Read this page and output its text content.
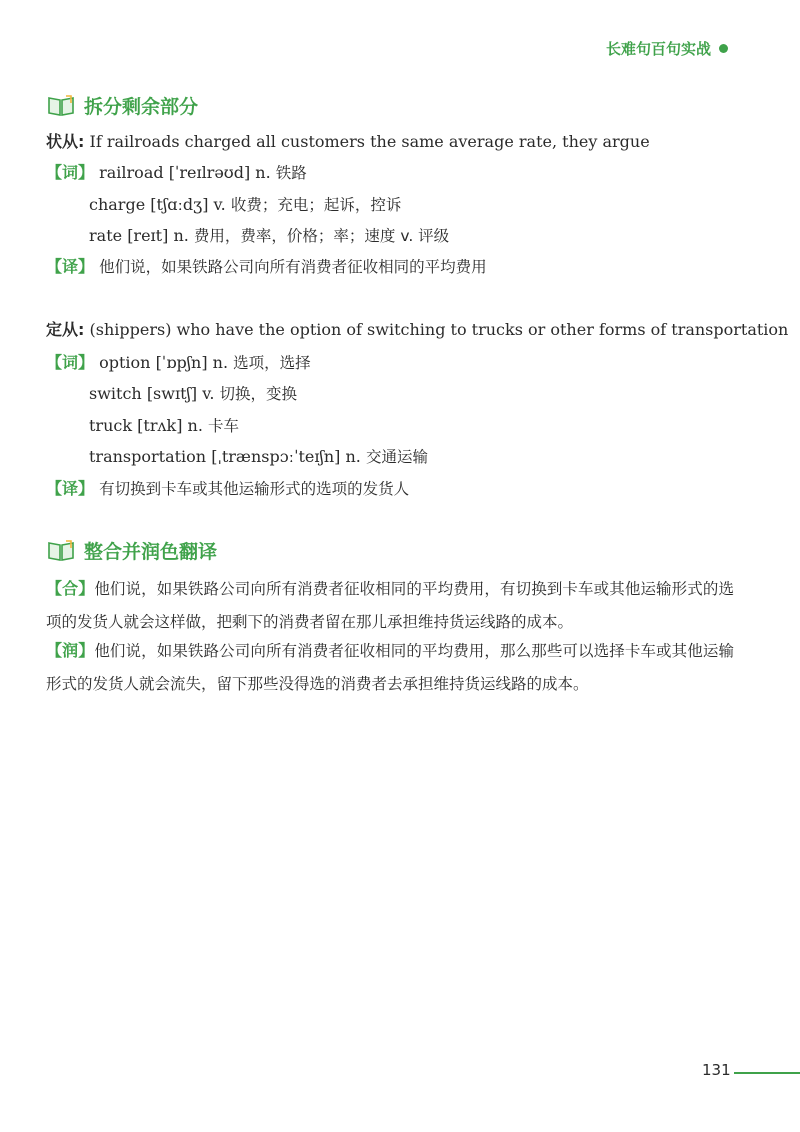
长难句百句实战
拆分剩余部分
状从: If railroads charged all customers the same average rate, they argue
【词】 railroad [ˈreɪlrəʊd] n. 铁路
charge [tʃɑːdʒ] v. 收费；充电；起诉，控诉
rate [reɪt] n. 费用，费率，价格；率；速度 v. 评级
【译】 他们说，如果铁路公司向所有消费者征收相同的平均费用
定从: (shippers) who have the option of switching to trucks or other forms of transportation
【词】 option [ˈɒpʃn] n. 选项，选择
switch [swɪtʃ] v. 切换，变换
truck [trʌk] n. 卡车
transportation [ˌtrænspɔːˈteɪʃn] n. 交通运输
【译】 有切换到卡车或其他运输形式的选项的发货人
整合并润色翻译
【合】他们说，如果铁路公司向所有消费者征收相同的平均费用，有切换到卡车或其他运输形式的选项的发货人就会这样做，把剩下的消费者留在那儿承担维持货运线路的成本。
【润】他们说，如果铁路公司向所有消费者征收相同的平均费用，那么那些可以选择卡车或其他运输形式的发货人就会流失，留下那些没得选的消费者去承担维持货运线路的成本。
131
